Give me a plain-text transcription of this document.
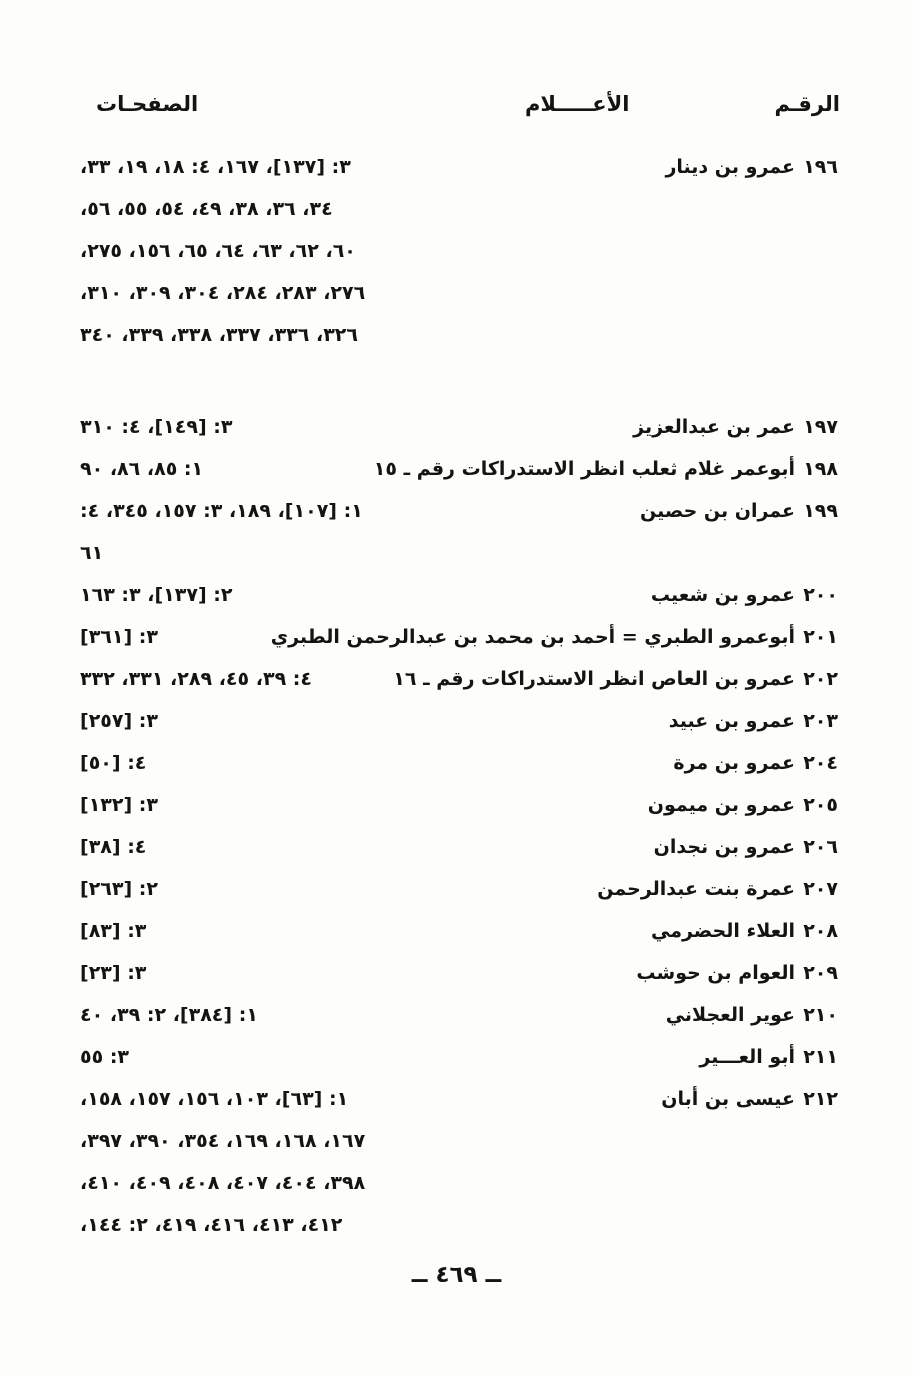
الرقـم
الأعـــــلام
الصفحـات
١٩٦
عمرو بن دينار
٣: [١٣٧]، ١٦٧، ٤: ١٨، ١٩، ٣٣، ٣٤، ٣٦، ٣٨، ٤٩، ٥٤، ٥٥، ٥٦، ٦٠، ٦٢، ٦٣، ٦٤، ٦٥، ١٥٦، ٢٧٥، ٢٧٦، ٢٨٣، ٢٨٤، ٣٠٤، ٣٠٩، ٣١٠، ٣٢٦، ٣٣٦، ٣٣٧، ٣٣٨، ٣٣٩، ٣٤٠
١٩٧
عمر بن عبدالعزيز
٣: [١٤٩]، ٤: ٣١٠
١٩٨
أبوعمر غلام ثعلب انظر الاستدراكات رقم ـ ١٥
١: ٨٥، ٨٦، ٩٠
١٩٩
عمران بن حصين
١: [١٠٧]، ١٨٩، ٣: ١٥٧، ٣٤٥، ٤: ٦١
٢٠٠
عمرو بن شعيب
٢: [١٣٧]، ٣: ١٦٣
٢٠١
أبوعمرو الطبري = أحمد بن محمد بن عبدالرحمن الطبري
٣: [٣٦١]
٢٠٢
عمرو بن العاص انظر الاستدراكات رقم ـ ١٦
٤: ٣٩، ٤٥، ٢٨٩، ٣٣١، ٣٣٢
٢٠٣
عمرو بن عبيد
٣: [٢٥٧]
٢٠٤
عمرو بن مرة
٤: [٥٠]
٢٠٥
عمرو بن ميمون
٣: [١٣٢]
٢٠٦
عمرو بن نجدان
٤: [٣٨]
٢٠٧
عمرة بنت عبدالرحمن
٢: [٢٦٣]
٢٠٨
العلاء الحضرمي
٣: [٨٣]
٢٠٩
العوام بن حوشب
٣: [٢٣]
٢١٠
عوير العجلاني
١: [٣٨٤]، ٢: ٣٩، ٤٠
٢١١
أبو العـــير
٣: ٥٥
٢١٢
عيسى بن أبان
١: [٦٣]، ١٠٣، ١٥٦، ١٥٧، ١٥٨، ١٦٧، ١٦٨، ١٦٩، ٣٥٤، ٣٩٠، ٣٩٧، ٣٩٨، ٤٠٤، ٤٠٧، ٤٠٨، ٤٠٩، ٤١٠، ٤١٢، ٤١٣، ٤١٦، ٤١٩، ٢: ١٤٤،
ــ ٤٦٩ ــ
